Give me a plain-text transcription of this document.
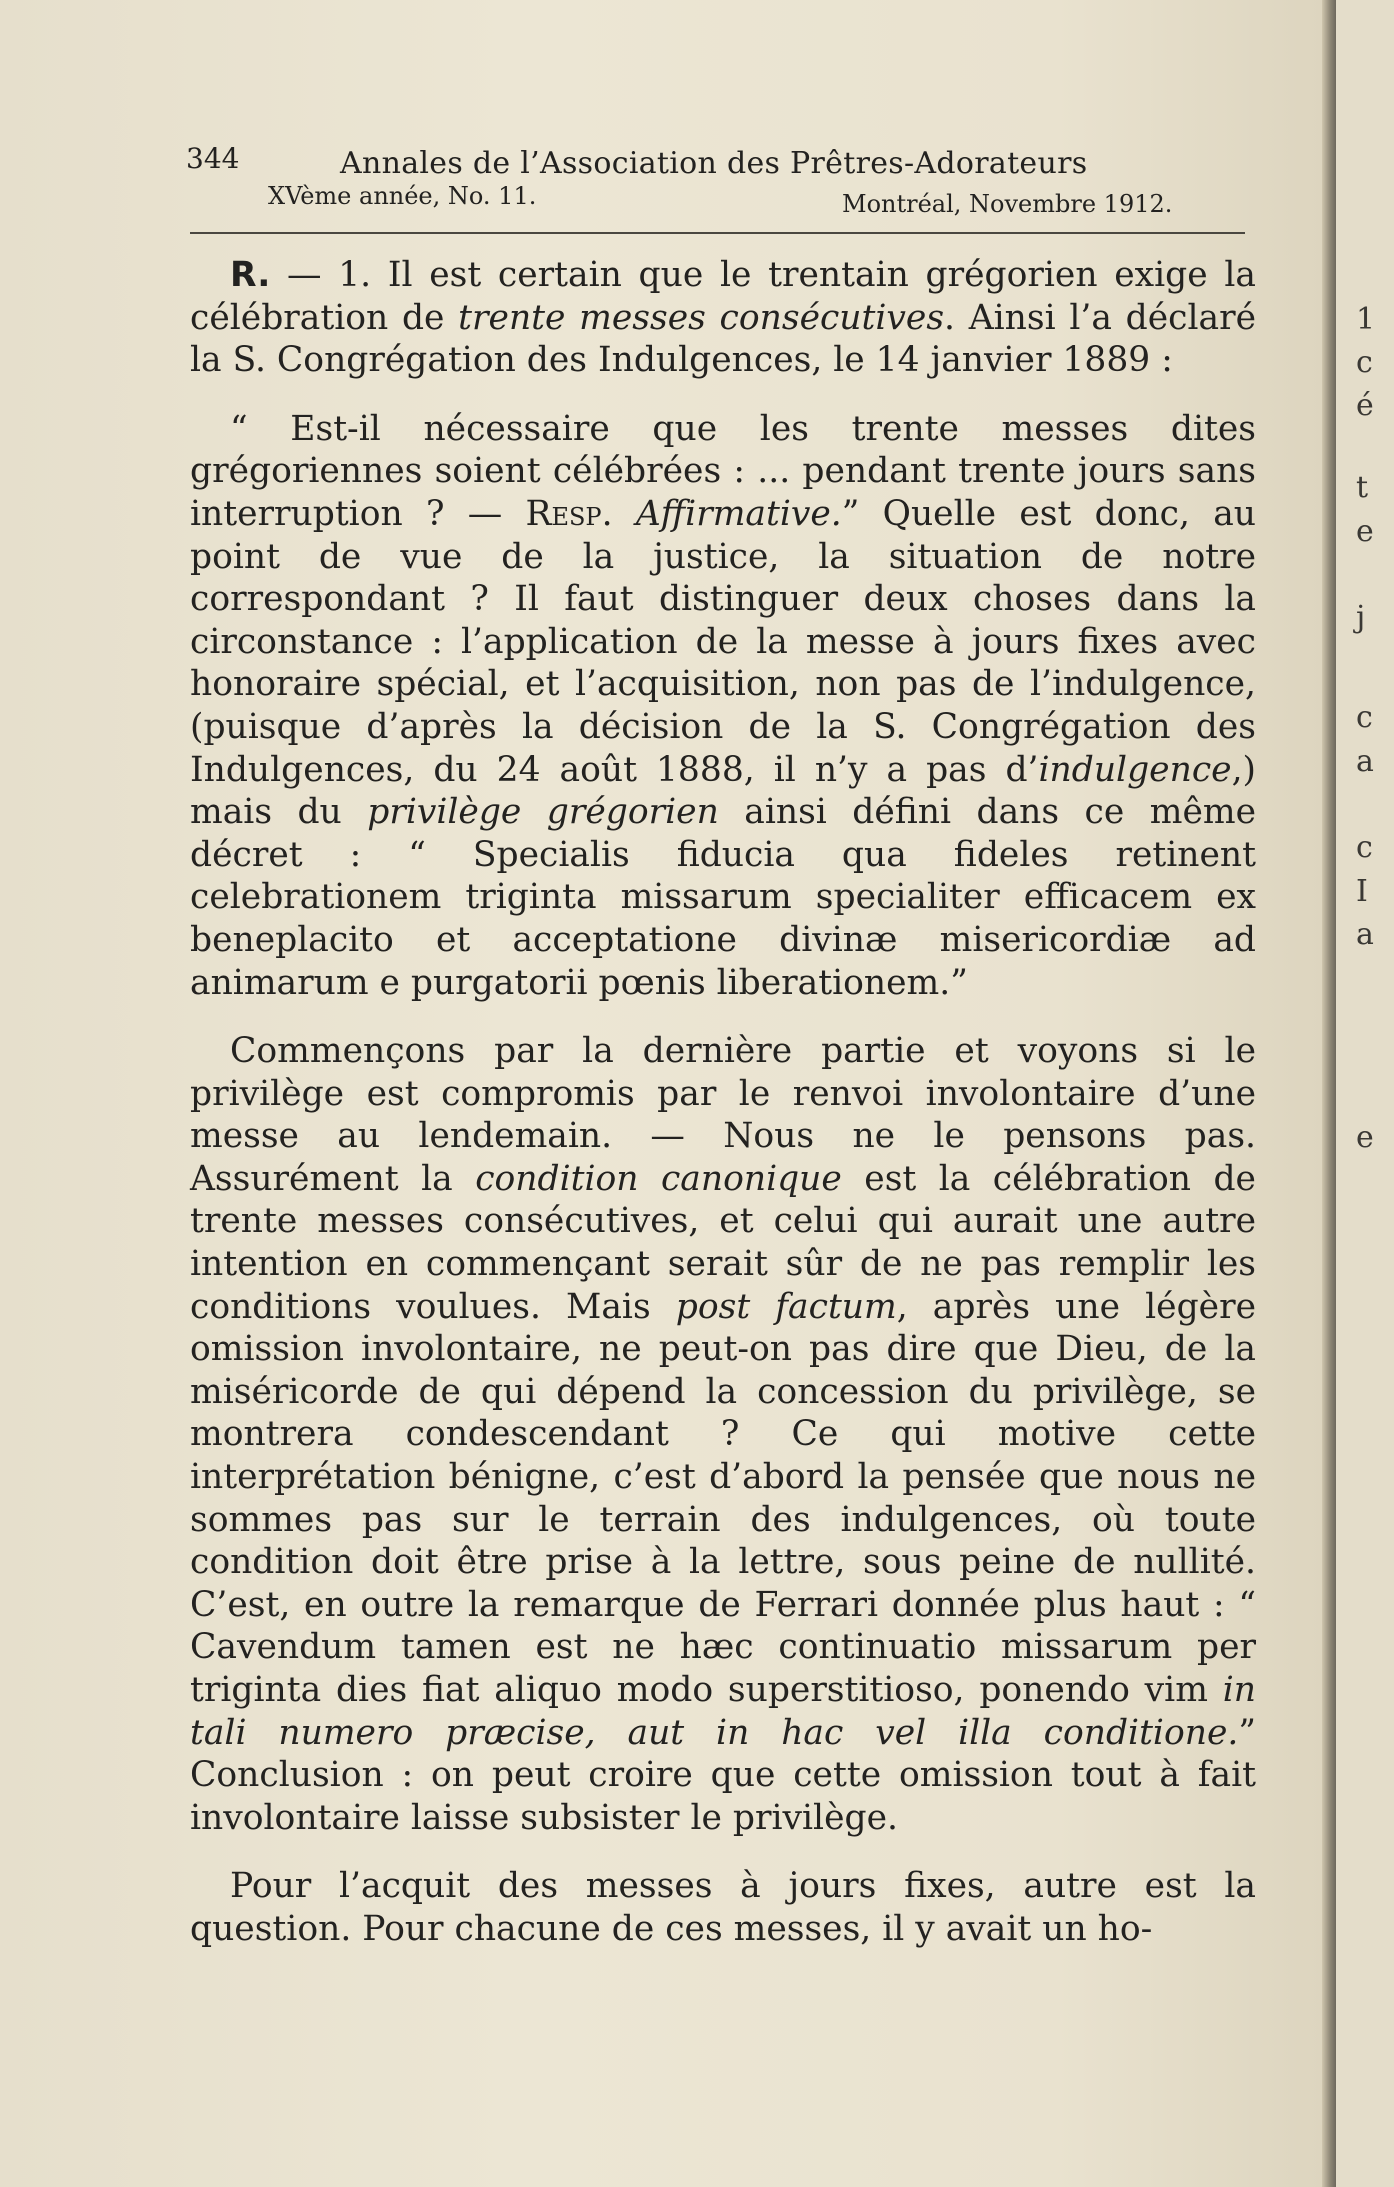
344	Annales de l’Association des Prêtres-Adorateurs
XVème année, No. 11.	Montréal, Novembre 1912.

R. — 1. Il est certain que le trentain grégorien exige la célébration de trente messes consécutives. Ainsi l’a déclaré la S. Congrégation des Indulgences, le 14 janvier 1889 :

“ Est-il nécessaire que les trente messes dites grégoriennes soient célébrées : ... pendant trente jours sans interruption ? — Resp. Affirmative.” Quelle est donc, au point de vue de la justice, la situation de notre correspondant ? Il faut distinguer deux choses dans la circonstance : l’application de la messe à jours fixes avec honoraire spécial, et l’acquisition, non pas de l’indulgence, (puisque d’après la décision de la S. Congrégation des Indulgences, du 24 août 1888, il n’y a pas d’indulgence,) mais du privilège grégorien ainsi défini dans ce même décret : “ Specialis fiducia qua fideles retinent celebrationem triginta missarum specialiter efficacem ex beneplacito et acceptatione divinæ misericordiæ ad animarum e purgatorii pœnis liberationem.”

Commençons par la dernière partie et voyons si le privilège est compromis par le renvoi involontaire d’une messe au lendemain. — Nous ne le pensons pas. Assurément la condition canonique est la célébration de trente messes consécutives, et celui qui aurait une autre intention en commençant serait sûr de ne pas remplir les conditions voulues. Mais post factum, après une légère omission involontaire, ne peut-on pas dire que Dieu, de la miséricorde de qui dépend la concession du privilège, se montrera condescendant ? Ce qui motive cette interprétation bénigne, c’est d’abord la pensée que nous ne sommes pas sur le terrain des indulgences, où toute condition doit être prise à la lettre, sous peine de nullité. C’est, en outre la remarque de Ferrari donnée plus haut : “ Cavendum tamen est ne hæc continuatio missarum per triginta dies fiat aliquo modo superstitioso, ponendo vim in tali numero præcise, aut in hac vel illa conditione.” Conclusion : on peut croire que cette omission tout à fait involontaire laisse subsister le privilège.

Pour l’acquit des messes à jours fixes, autre est la question. Pour chacune de ces messes, il y avait un ho-

1
c
é
t
e
j
c
a
c
I
a
e
